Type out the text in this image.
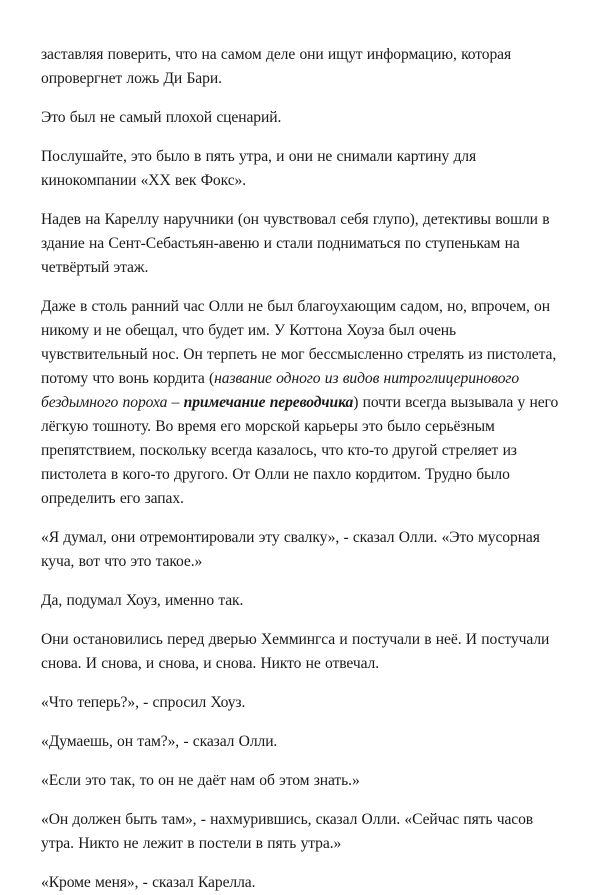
заставляя поверить, что на самом деле они ищут информацию, которая опровергнет ложь Ди Бари.

Это был не самый плохой сценарий.

Послушайте, это было в пять утра, и они не снимали картину для кинокомпании «XX век Фокс».

Надев на Кареллу наручники (он чувствовал себя глупо), детективы вошли в здание на Сент-Себастьян-авеню и стали подниматься по ступенькам на четвёртый этаж.

Даже в столь ранний час Олли не был благоухающим садом, но, впрочем, он никому и не обещал, что будет им. У Коттона Хоуза был очень чувствительный нос. Он терпеть не мог бессмысленно стрелять из пистолета, потому что вонь кордита (название одного из видов нитроглицеринового бездымного пороха – примечание переводчика) почти всегда вызывала у него лёгкую тошноту. Во время его морской карьеры это было серьёзным препятствием, поскольку всегда казалось, что кто-то другой стреляет из пистолета в кого-то другого. От Олли не пахло кордитом. Трудно было определить его запах.

«Я думал, они отремонтировали эту свалку», - сказал Олли. «Это мусорная куча, вот что это такое.»

Да, подумал Хоуз, именно так.

Они остановились перед дверью Хеммингса и постучали в неё. И постучали снова. И снова, и снова, и снова. Никто не отвечал.

«Что теперь?», - спросил Хоуз.

«Думаешь, он там?», - сказал Олли.

«Если это так, то он не даёт нам об этом знать.»

«Он должен быть там», - нахмурившись, сказал Олли. «Сейчас пять часов утра. Никто не лежит в постели в пять утра.»

«Кроме меня», - сказал Карелла.
